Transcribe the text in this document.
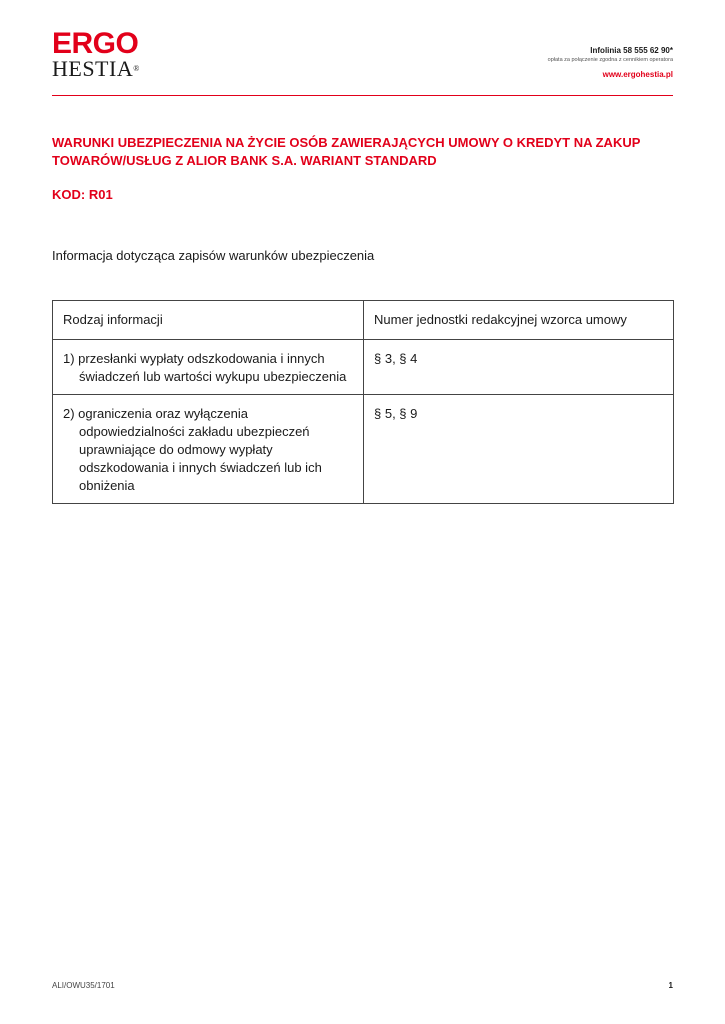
ERGO
HESTIA®
Infolinia 58 555 62 90*
opłata za połączenie zgodna z cennikiem operatora
www.ergohestia.pl
WARUNKI UBEZPIECZENIA NA ŻYCIE OSÓB ZAWIERAJĄCYCH UMOWY O KREDYT NA ZAKUP TOWARÓW/USŁUG Z ALIOR BANK S.A. WARIANT STANDARD
KOD: R01

Informacja dotycząca zapisów warunków ubezpieczenia

Rodzaj informacji	Numer jednostki redakcyjnej wzorca umowy

1) przesłanki wypłaty odszkodowania i innych świadczeń lub wartości wykupu ubezpieczenia	§ 3, § 4

2) ograniczenia oraz wyłączenia odpowiedzialności zakładu ubezpieczeń uprawniające do odmowy wypłaty odszkodowania i innych świadczeń lub ich obniżenia	§ 5, § 9
ALI/OWU35/1701	1
